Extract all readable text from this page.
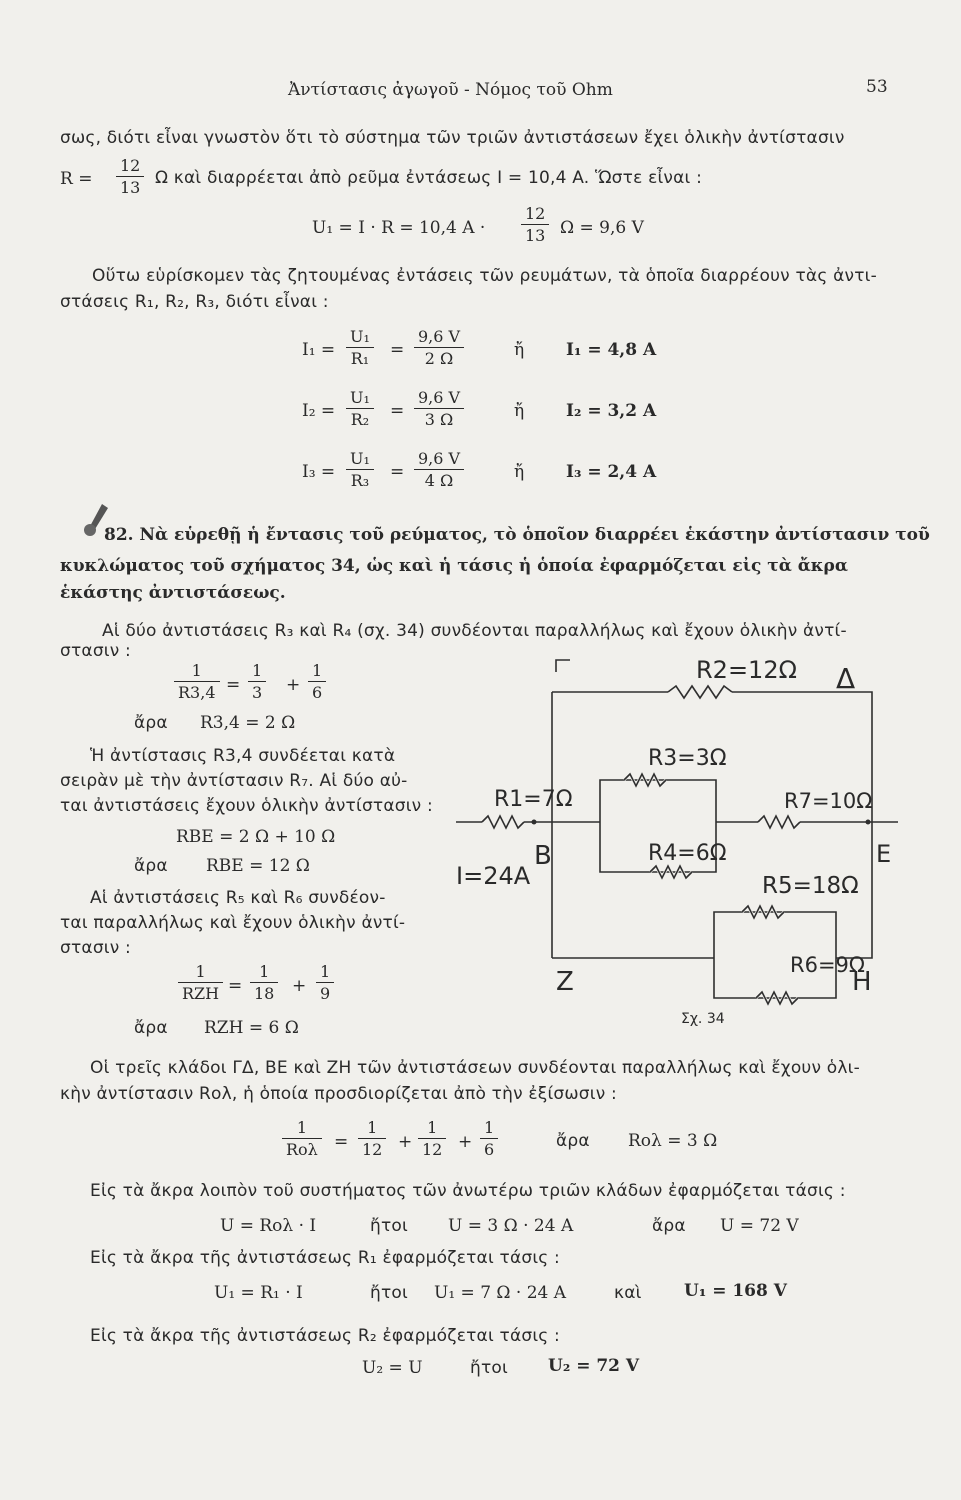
Ἀντίστασις ἀγωγοῦ - Νόμος τοῦ Ohm	53
σως, διότι εἶναι γνωστὸν ὅτι τὸ σύστημα τῶν τριῶν ἀντιστάσεων ἔχει ὁλικὴν ἀντίστασιν
$R = \frac{12}{13}$ Ω καὶ διαρρέεται ἀπὸ ρεῦμα ἐντάσεως I = 10,4 A. Ὥστε εἶναι :
U₁ = I · R = 10,4 $A \cdot \frac{12}{13}$ Ω = 9,6 V
Οὕτω εὑρίσκομεν τὰς ζητουμένας ἐντάσεις τῶν ρευμάτων, τὰ ὁποῖα διαρρέουν τὰς ἀντι-
στάσεις R₁, R₂, R₃, διότι εἶναι :
$I_1 = \frac{\text{U₁}}{\text{R₁}} = \frac{9,6 V}{2 \Omega}$	ἤ I₁ = 4,8 A
$I_2 = \frac{\text{U₁}}{\text{R₂}} = \frac{9,6 V}{3 \Omega}$	ἤ I₂ = 3,2 A
$I_3 = \frac{\text{U₁}}{\text{R₃}} = \frac{9,6 V}{4 \Omega}$	ἤ I₃ = 2,4 A
82. Νὰ εὑρεθῇ ἡ ἔντασις τοῦ ρεύματος, τὸ ὁποῖον διαρρέει ἑκάστην ἀντίστασιν τοῦ
κυκλώματος τοῦ σχήματος 34, ὡς καὶ ἡ τάσις ἡ ὁποία ἐφαρμόζεται εἰς τὰ ἄκρα
ἑκάστης ἀντιστάσεως.
Αἱ δύο ἀντιστάσεις R₃ καὶ R₄ (σχ. 34) συνδέονται παραλλήλως καὶ ἔχουν ὁλικὴν ἀντί-
στασιν :
$\frac{1}{R3,4} = \frac{1}{3} + \frac{1}{6}$
ἄρα R3,4 = 2 Ω
Ἡ ἀντίστασις R3,4 συνδέεται κατὰ
σειρὰν μὲ τὴν ἀντίστασιν R₇. Αἱ δύο αὐ-
ται ἀντιστάσεις ἔχουν ὁλικὴν ἀντίστασιν :
RΒΕ = 2 Ω + 10 Ω
ἄρα RΒΕ = 12 Ω
Αἱ ἀντιστάσεις R₅ καὶ R₆ συνδέον-
ται παραλλήλως καὶ ἔχουν ὁλικὴν ἀντί-
στασιν :
1
$RZH = \frac{1}{18} + \frac{1}{9}$
ἄρα RΖΗ = 6 Ω
Οἱ τρεῖς κλάδοι ΓΔ, ΒΕ καὶ ΖΗ τῶν ἀντιστάσεων συνδέονται παραλλήλως καὶ ἔχουν ὁλι-
κὴν ἀντίστασιν Rολ, ἡ ὁποία προσδιορίζεται ἀπὸ τὴν ἐξίσωσιν :
1
$Ro\lambda = \frac{1}{12} + \frac{1}{12} + \frac{1}{6}$	ἄρα Rολ = 3 Ω
Εἰς τὰ ἄκρα λοιπὸν τοῦ συστήματος τῶν ἀνωτέρω τριῶν κλάδων ἐφαρμόζεται τάσις :
U = Rολ · I	ἤτοι U = 3 Ω · 24 A	ἄρα U = 72 V
Εἰς τὰ ἄκρα τῆς ἀντιστάσεως R₁ ἐφαρμόζεται τάσις :
U₁ = R₁ · I	ἤτοι U₁ = 7 Ω · 24 A	καὶ U₁ = 168 V
Εἰς τὰ ἄκρα τῆς ἀντιστάσεως R₂ ἐφαρμόζεται τάσις :
U₂ = U	ἤτοι U₂ = 72 V
R2=12Ω Δ
R3=3Ω
R1=7Ω	R7=10Ω
B	E
R4=6Ω
I=24A	R5=18Ω
R6=9Ω
Z	H
Σχ. 34
